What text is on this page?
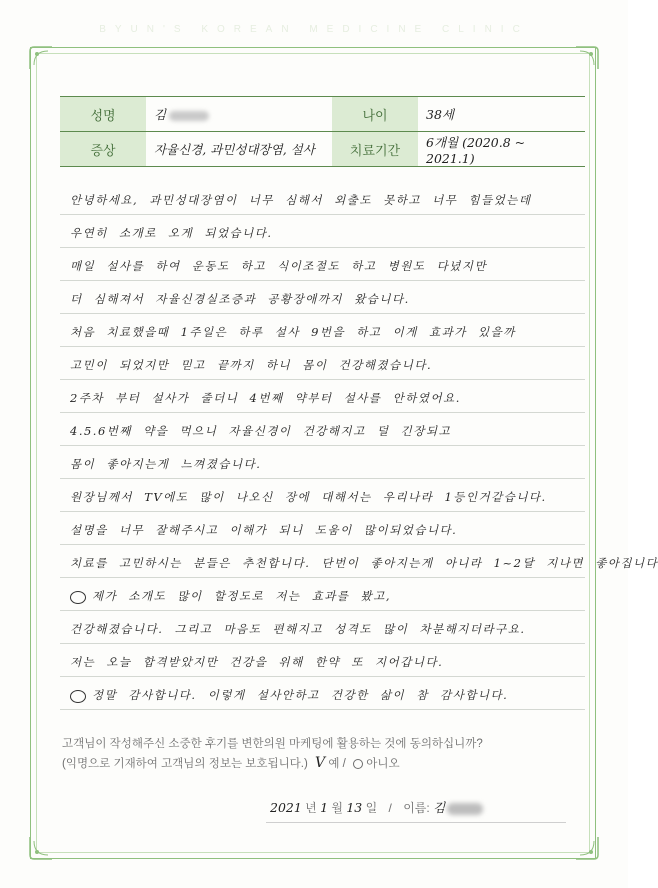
BYUN'S KOREAN MEDICINE CLINIC
성명	김	나이	38세
증상	자율신경, 과민성대장염, 설사	치료기간	6개월 (2020.8 ~ 2021.1)
안녕하세요, 과민성대장염이 너무 심해서 외출도 못하고 너무 힘들었는데
우연히 소개로 오게 되었습니다.
매일 설사를 하여 운동도 하고 식이조절도 하고 병원도 다녔지만
더 심해져서 자율신경실조증과 공황장애까지 왔습니다.
처음 치료했을때 1주일은 하루 설사 9번을 하고 이게 효과가 있을까
고민이 되었지만 믿고 끝까지 하니 몸이 건강해졌습니다.
2주차 부터 설사가 줄더니 4번째 약부터 설사를 안하였어요.
4.5.6번째 약을 먹으니 자율신경이 건강해지고 덜 긴장되고
몸이 좋아지는게 느껴졌습니다.
원장님께서 TV에도 많이 나오신 장에 대해서는 우리나라 1등인거같습니다.
설명을 너무 잘해주시고 이해가 되니 도움이 많이되었습니다.
치료를 고민하시는 분들은 추천합니다. 단번이 좋아지는게 아니라 1~2달 지나면 좋아집니다
제가 소개도 많이 할정도로 저는 효과를 봤고,
건강해졌습니다. 그리고 마음도 편해지고 성격도 많이 차분해지더라구요.
저는 오늘 합격받았지만 건강을 위해 한약 또 지어갑니다.
정말 감사합니다. 이렇게 설사안하고 건강한 삶이 참 감사합니다.
고객님이 작성해주신 소중한 후기를 변한의원 마케팅에 활용하는 것에 동의하십니까?
(익명으로 기재하여 고객님의 정보는 보호됩니다.) V 예 / 아니오
2021 년 1 월 13 일 / 이름: 김
